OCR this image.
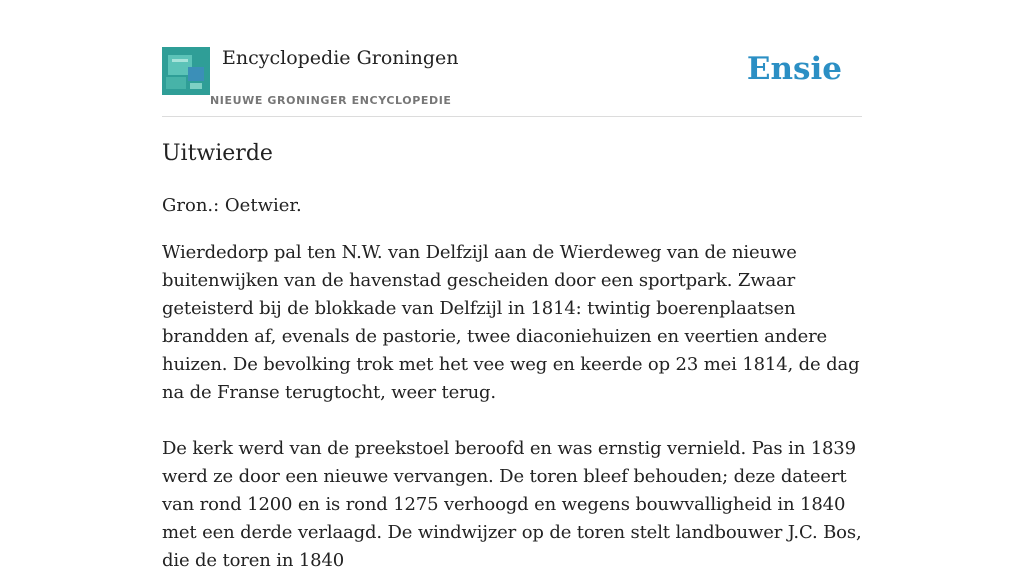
Encyclopedie Groningen
NIEUWE GRONINGER ENCYCLOPEDIE
Ensie
Uitwierde

Gron.: Oetwier.

Wierdedorp pal ten N.W. van Delfzijl aan de Wierdeweg van de nieuwe buitenwijken van de havenstad gescheiden door een sportpark. Zwaar geteisterd bij de blokkade van Delfzijl in 1814: twintig boerenplaatsen brandden af, evenals de pastorie, twee diaconiehuizen en veertien andere huizen. De bevolking trok met het vee weg en keerde op 23 mei 1814, de dag na de Franse terugtocht, weer terug.

De kerk werd van de preekstoel beroofd en was ernstig vernield. Pas in 1839 werd ze door een nieuwe vervangen. De toren bleef behouden; deze dateert van rond 1200 en is rond 1275 verhoogd en wegens bouwvalligheid in 1840 met een derde verlaagd. De windwijzer op de toren stelt landbouwer J.C. Bos, die de toren in 1840
